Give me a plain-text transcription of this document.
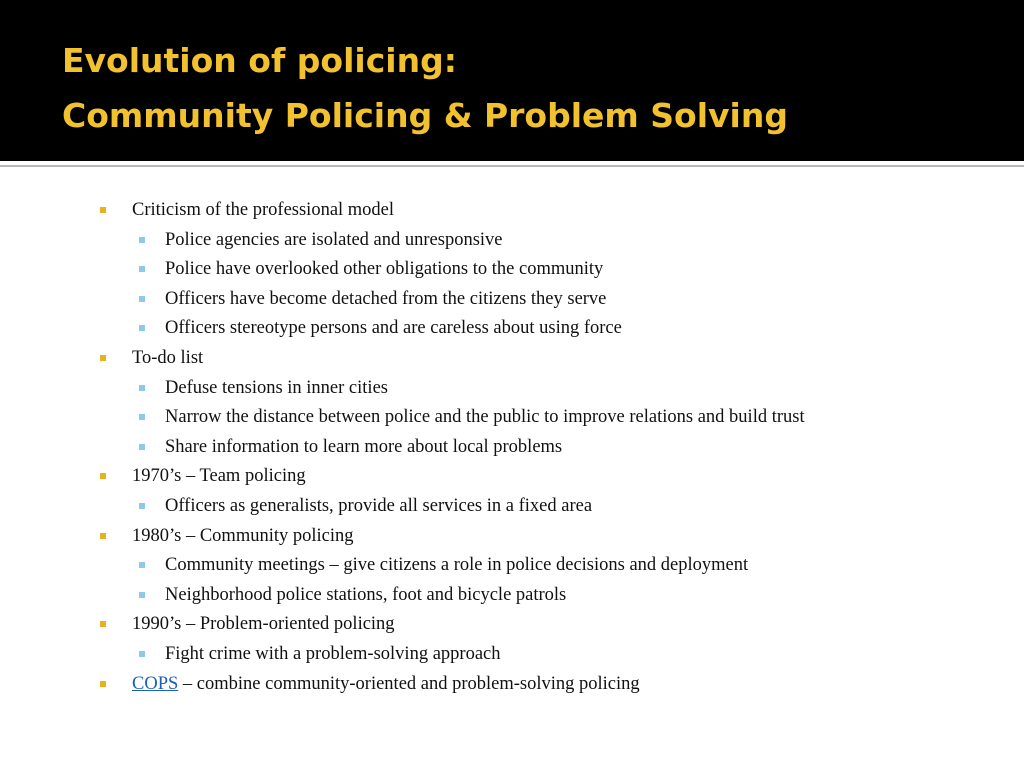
Evolution of policing:
Community Policing & Problem Solving
Criticism of the professional model
Police agencies are isolated and unresponsive
Police have overlooked other obligations to the community
Officers have become detached from the citizens they serve
Officers stereotype persons and are careless about using force
To-do list
Defuse tensions in inner cities
Narrow the distance between police and the public to improve relations and build trust
Share information to learn more about local problems
1970’s – Team policing
Officers as generalists, provide all services in a fixed area
1980’s – Community policing
Community meetings – give citizens a role in police decisions and deployment
Neighborhood police stations, foot and bicycle patrols
1990’s – Problem-oriented policing
Fight crime with a problem-solving approach
COPS – combine community-oriented and problem-solving policing
